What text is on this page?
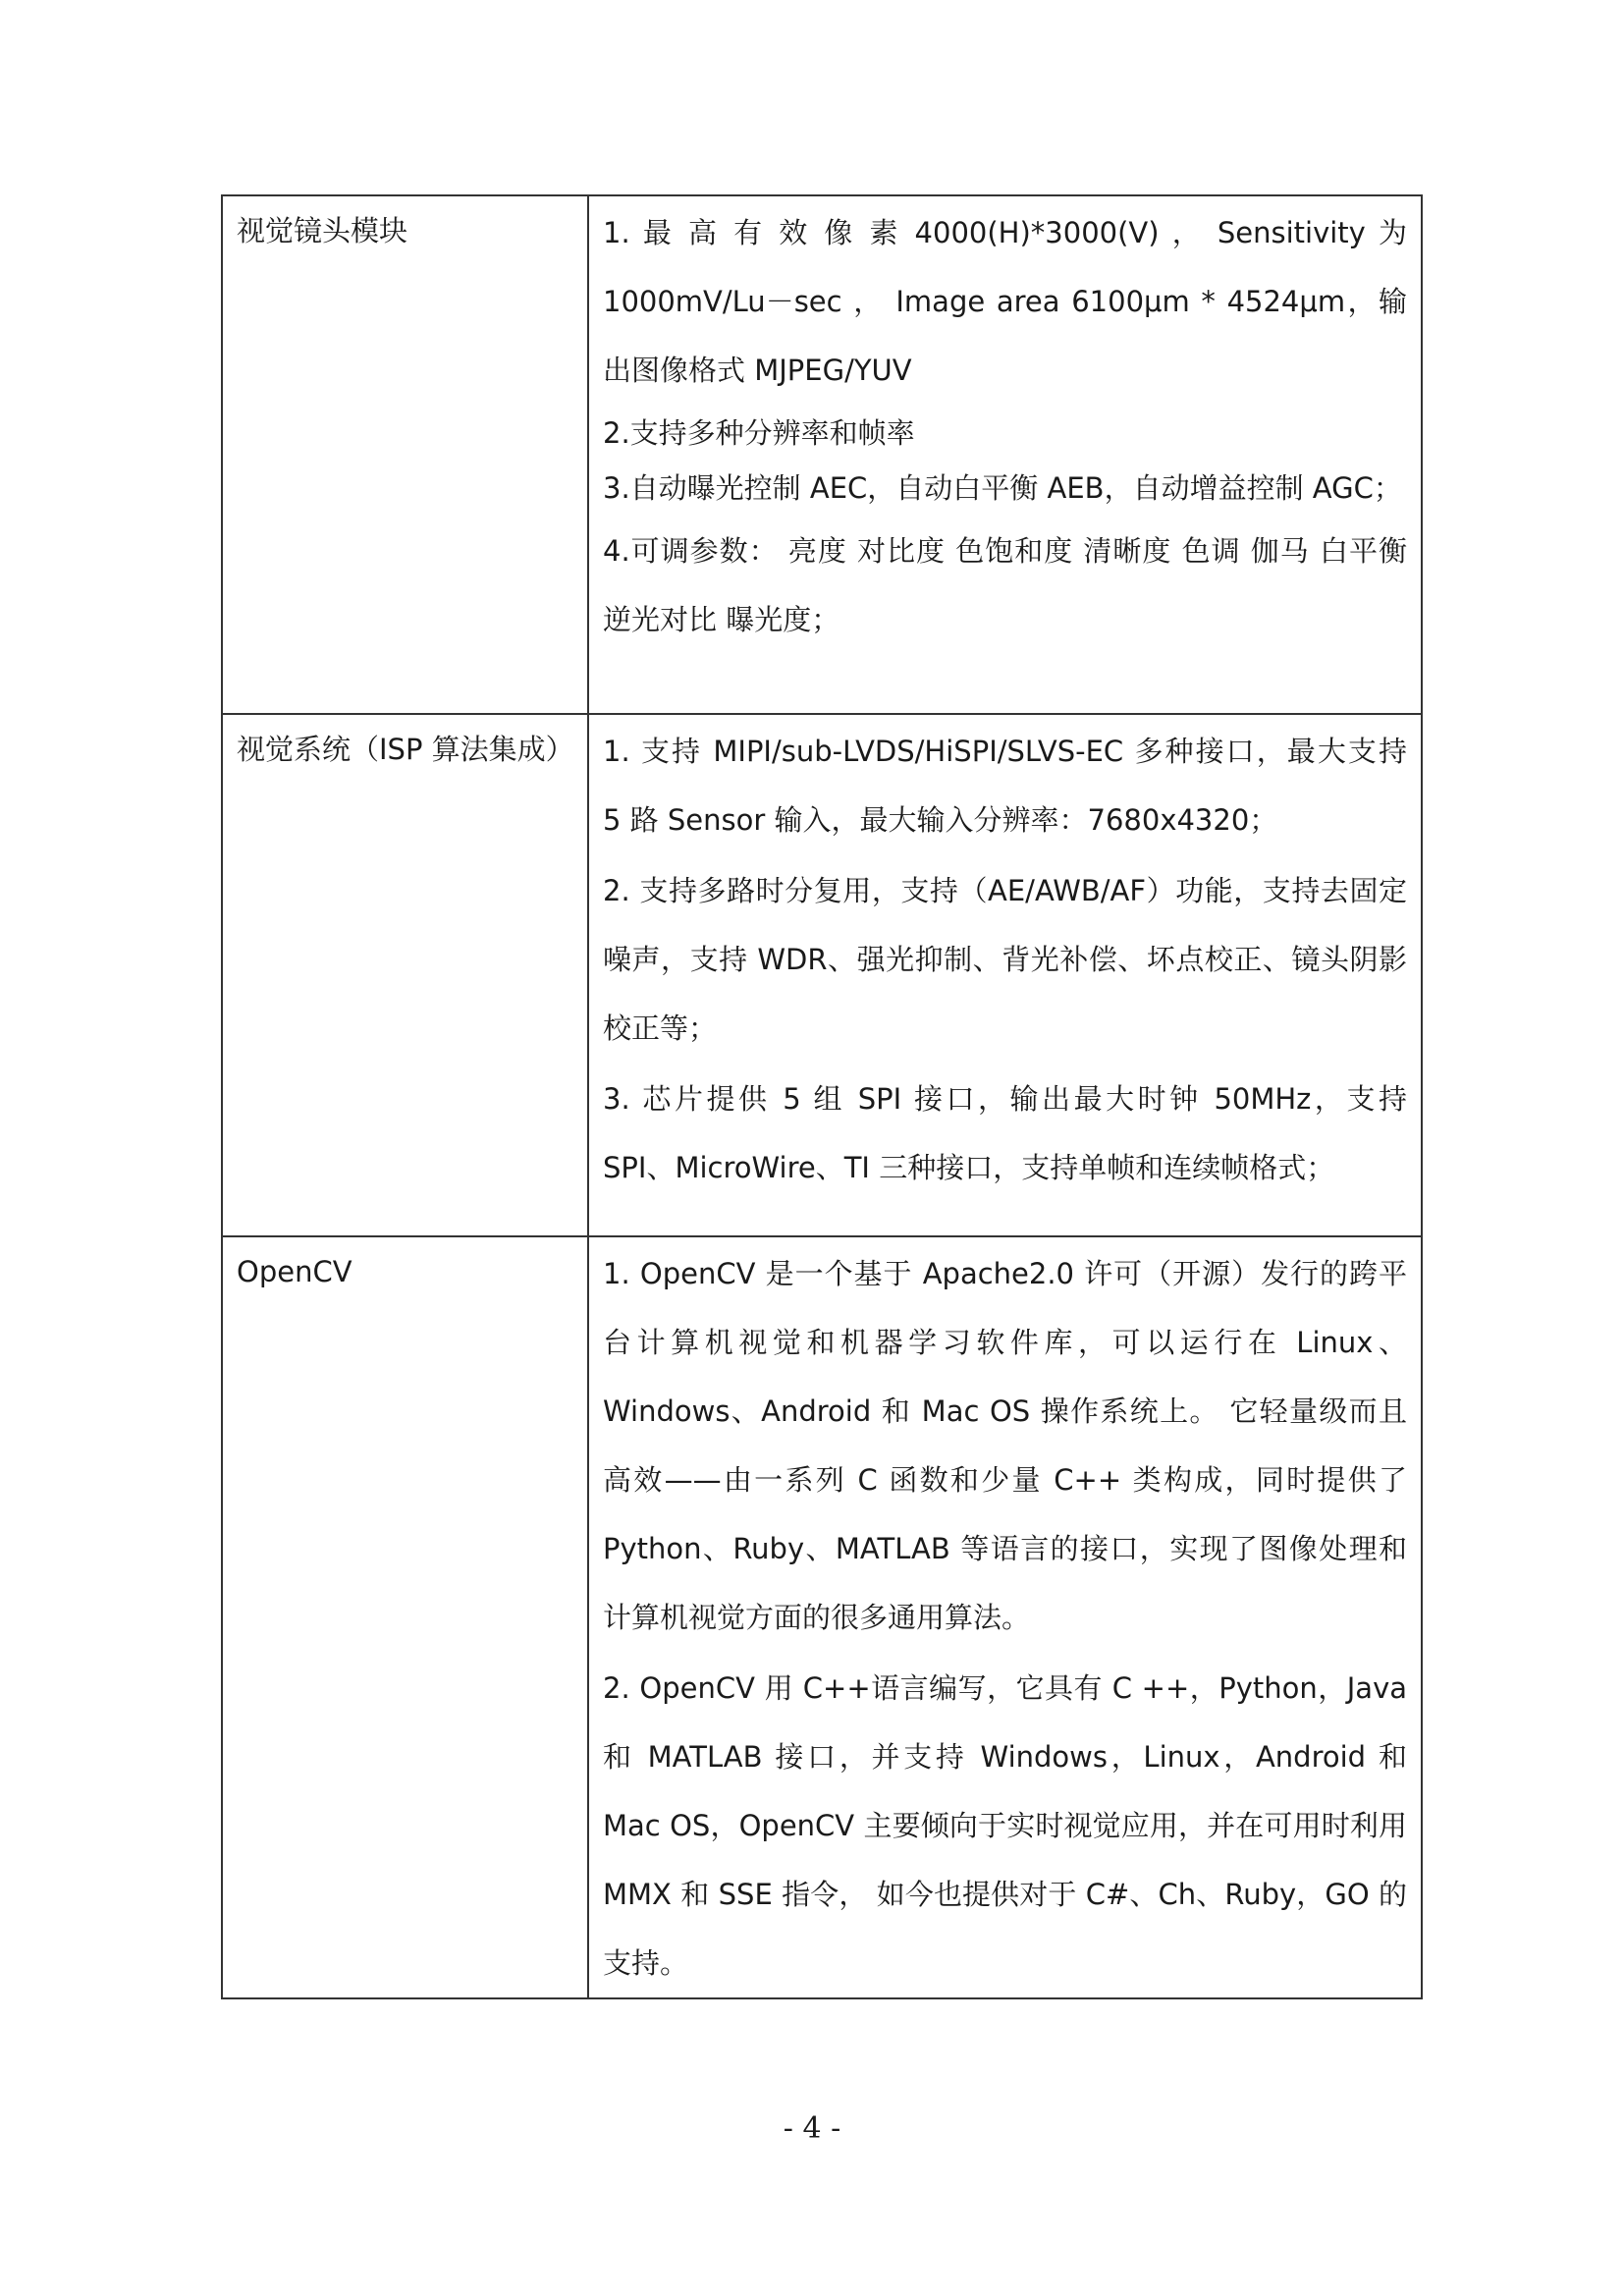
视觉镜头模块	1. 最 高 有 效 像 素 4000(H)*3000(V) ， Sensitivity 为 1000mV/Lu－sec ， Image area 6100μm * 4524μm，输出图像格式 MJPEG/YUV

2.支持多种分辨率和帧率

3.自动曝光控制 AEC，自动白平衡 AEB，自动增益控制 AGC；

4.可调参数： 亮度 对比度 色饱和度 清晰度 色调 伽马 白平衡 逆光对比 曝光度；

视觉系统（ISP 算法集成）	1. 支持 MIPI/sub-LVDS/HiSPI/SLVS-EC 多种接口，最大支持 5 路 Sensor 输入，最大输入分辨率：7680x4320；

2. 支持多路时分复用，支持（AE/AWB/AF）功能，支持去固定噪声，支持 WDR、强光抑制、背光补偿、坏点校正、镜头阴影校正等；

3. 芯片提供 5 组 SPI 接口，输出最大时钟 50MHz，支持 SPI、MicroWire、TI 三种接口，支持单帧和连续帧格式；

OpenCV	1. OpenCV 是一个基于 Apache2.0 许可（开源）发行的跨平台计算机视觉和机器学习软件库，可以运行在 Linux、Windows、Android 和 Mac OS 操作系统上。 它轻量级而且高效——由一系列 C 函数和少量 C++ 类构成，同时提供了 Python、Ruby、MATLAB 等语言的接口，实现了图像处理和计算机视觉方面的很多通用算法。

2. OpenCV 用 C++语言编写，它具有 C ++，Python，Java 和 MATLAB 接口，并支持 Windows，Linux，Android 和 Mac OS，OpenCV 主要倾向于实时视觉应用，并在可用时利用 MMX 和 SSE 指令， 如今也提供对于 C#、Ch、Ruby，GO 的支持。

- 4 -
